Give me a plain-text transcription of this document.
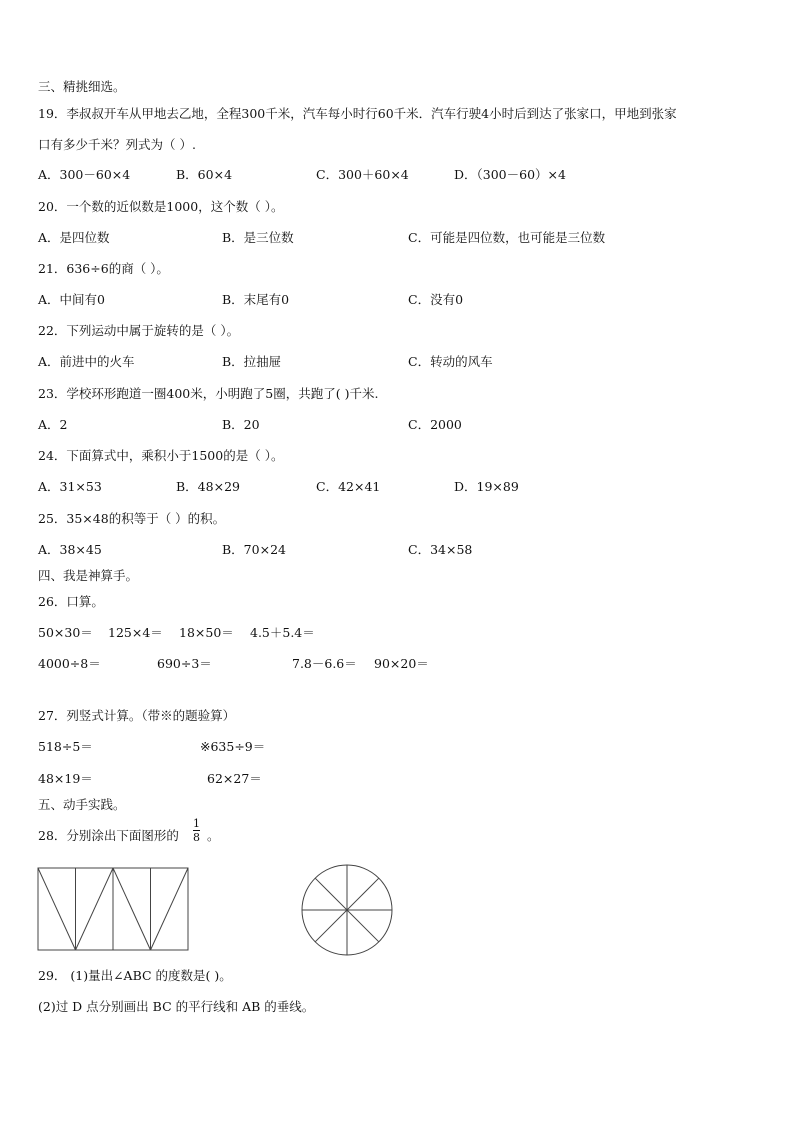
三、精挑细选。
19．李叔叔开车从甲地去乙地，全程300千米，汽车每小时行60千米．汽车行驶4小时后到达了张家口，甲地到张家
口有多少千米？列式为（ ）.
A．300－60×4	B．60×4	C．300＋60×4	D．（300－60）×4
20．一个数的近似数是1000，这个数（ ）。
A．是四位数	B．是三位数	C．可能是四位数，也可能是三位数
21．636÷6的商（ ）。
A．中间有0	B．末尾有0	C．没有0
22．下列运动中属于旋转的是（ ）。
A．前进中的火车	B．拉抽屉	C．转动的风车
23．学校环形跑道一圈400米，小明跑了5圈，共跑了( )千米.
A．2	B．20	C．2000
24．下面算式中，乘积小于1500的是（ ）。
A．31×53	B．48×29	C．42×41	D．19×89
25．35×48的积等于（ ）的积。
A．38×45	B．70×24	C．34×58
四、我是神算手。
26．口算。
50×30＝ 125×4＝ 18×50＝ 4.5＋5.4＝
4000÷8＝	690÷3＝	7.8－6.6＝ 90×20＝
27．列竖式计算。（带※的题验算）
518÷5＝	※635÷9＝
48×19＝	62×27＝
五、动手实践。
28．分别涂出下面图形的
1
8 。
29． (1)量出∠ABC 的度数是( )。
(2)过 D 点分别画出 BC 的平行线和 AB 的垂线。
